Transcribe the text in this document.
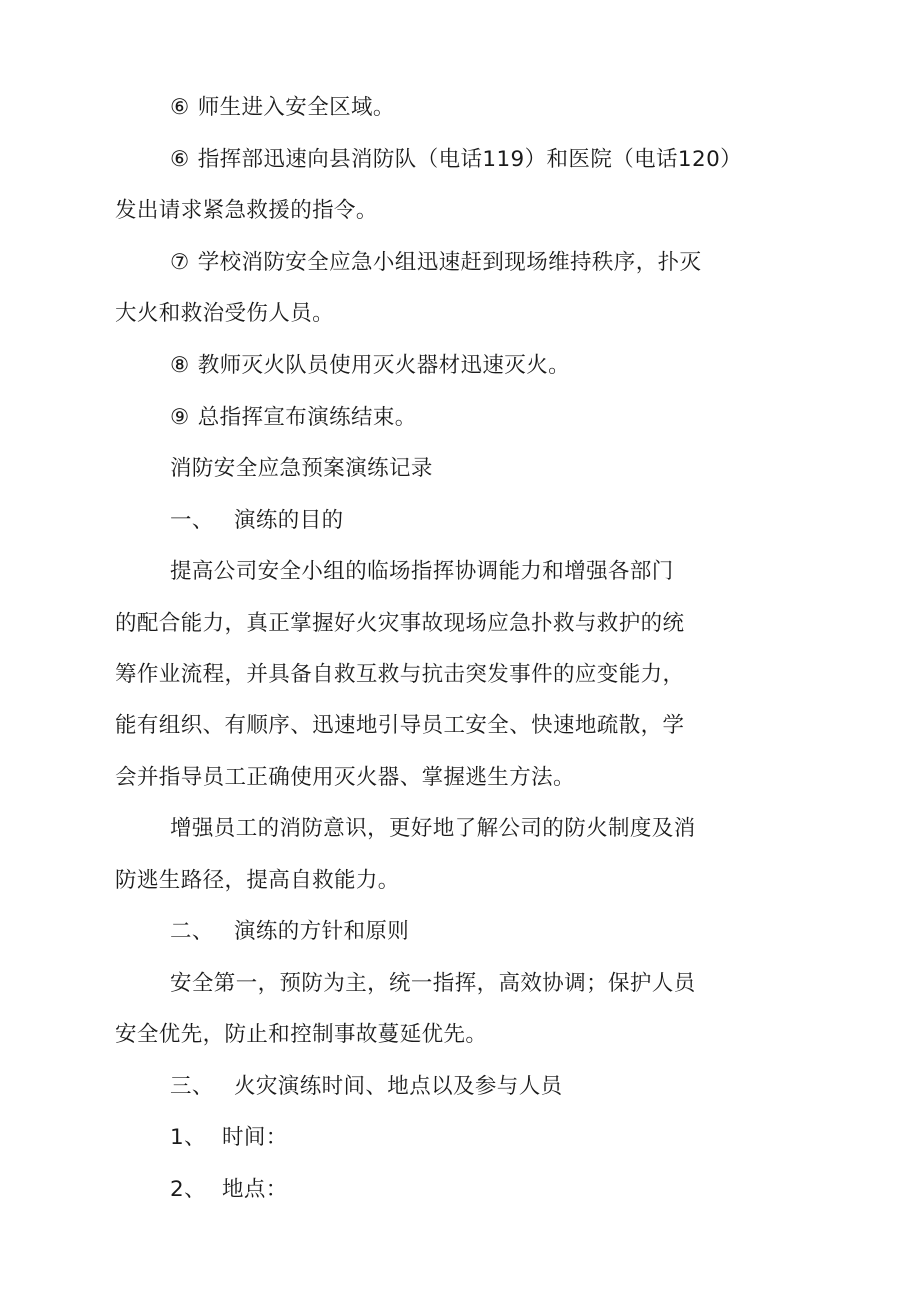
⑥ 师生进入安全区域。
⑥ 指挥部迅速向县消防队（电话119）和医院（电话120）
发出请求紧急救援的指令。
⑦ 学校消防安全应急小组迅速赶到现场维持秩序，扑灭
大火和救治受伤人员。
⑧ 教师灭火队员使用灭火器材迅速灭火。
⑨ 总指挥宣布演练结束。
消防安全应急预案演练记录
一、 演练的目的
提高公司安全小组的临场指挥协调能力和增强各部门
的配合能力，真正掌握好火灾事故现场应急扑救与救护的统
筹作业流程，并具备自救互救与抗击突发事件的应变能力，
能有组织、有顺序、迅速地引导员工安全、快速地疏散，学
会并指导员工正确使用灭火器、掌握逃生方法。
增强员工的消防意识，更好地了解公司的防火制度及消
防逃生路径，提高自救能力。
二、 演练的方针和原则
安全第一，预防为主，统一指挥，高效协调；保护人员
安全优先，防止和控制事故蔓延优先。
三、 火灾演练时间、地点以及参与人员
1、 时间：
2、 地点：
